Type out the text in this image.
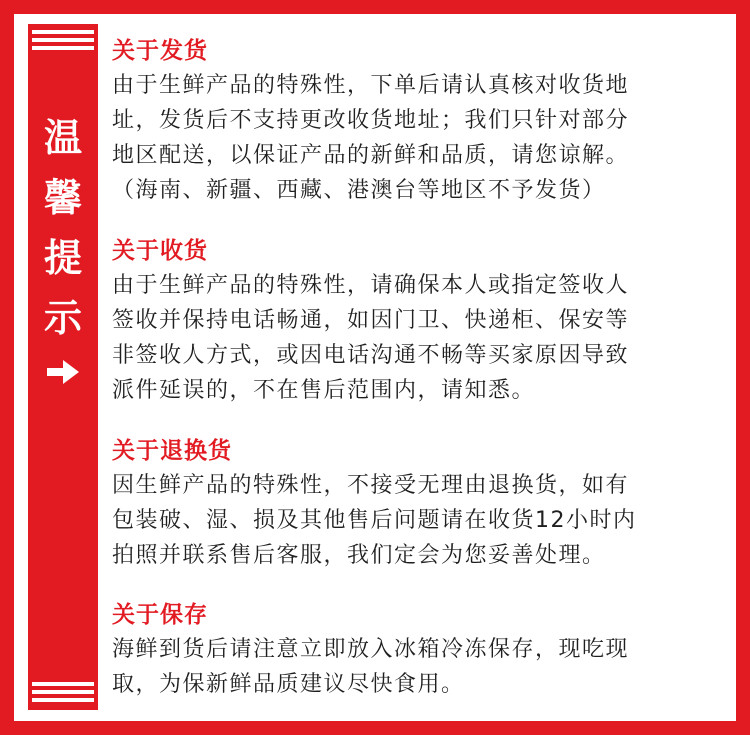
温
馨
提
示
关于发货
由于生鲜产品的特殊性，下单后请认真核对收货地
址，发货后不支持更改收货地址；我们只针对部分
地区配送，以保证产品的新鲜和品质，请您谅解。
（海南、新疆、西藏、港澳台等地区不予发货）
关于收货
由于生鲜产品的特殊性，请确保本人或指定签收人
签收并保持电话畅通，如因门卫、快递柜、保安等
非签收人方式，或因电话沟通不畅等买家原因导致
派件延误的，不在售后范围内，请知悉。
关于退换货
因生鲜产品的特殊性，不接受无理由退换货，如有
包装破、湿、损及其他售后问题请在收货12小时内
拍照并联系售后客服，我们定会为您妥善处理。
关于保存
海鲜到货后请注意立即放入冰箱冷冻保存，现吃现
取，为保新鲜品质建议尽快食用。
